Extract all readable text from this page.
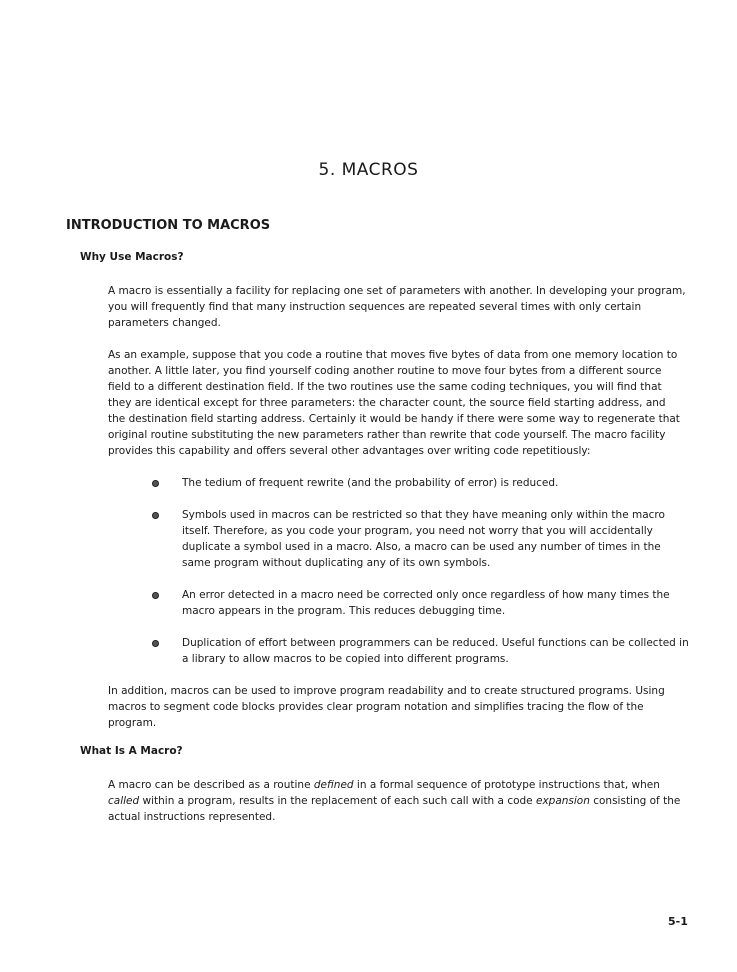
5. MACROS
INTRODUCTION TO MACROS
Why Use Macros?

A macro is essentially a facility for replacing one set of parameters with another. In developing your program, you will frequently find that many instruction sequences are repeated several times with only certain parameters changed.

As an example, suppose that you code a routine that moves five bytes of data from one memory location to another. A little later, you find yourself coding another routine to move four bytes from a different source field to a different destination field. If the two routines use the same coding techniques, you will find that they are identical except for three parameters: the character count, the source field starting address, and the destination field starting address. Certainly it would be handy if there were some way to regenerate that original routine substituting the new parameters rather than rewrite that code yourself. The macro facility provides this capability and offers several other advantages over writing code repetitiously:

The tedium of frequent rewrite (and the probability of error) is reduced.
Symbols used in macros can be restricted so that they have meaning only within the macro itself. Therefore, as you code your program, you need not worry that you will accidentally duplicate a symbol used in a macro. Also, a macro can be used any number of times in the same program without duplicating any of its own symbols.
An error detected in a macro need be corrected only once regardless of how many times the macro appears in the program. This reduces debugging time.
Duplication of effort between programmers can be reduced. Useful functions can be collected in a library to allow macros to be copied into different programs.

In addition, macros can be used to improve program readability and to create structured programs. Using macros to segment code blocks provides clear program notation and simplifies tracing the flow of the program.

What Is A Macro?

A macro can be described as a routine defined in a formal sequence of prototype instructions that, when called within a program, results in the replacement of each such call with a code expansion consisting of the actual instructions represented.

5-1
